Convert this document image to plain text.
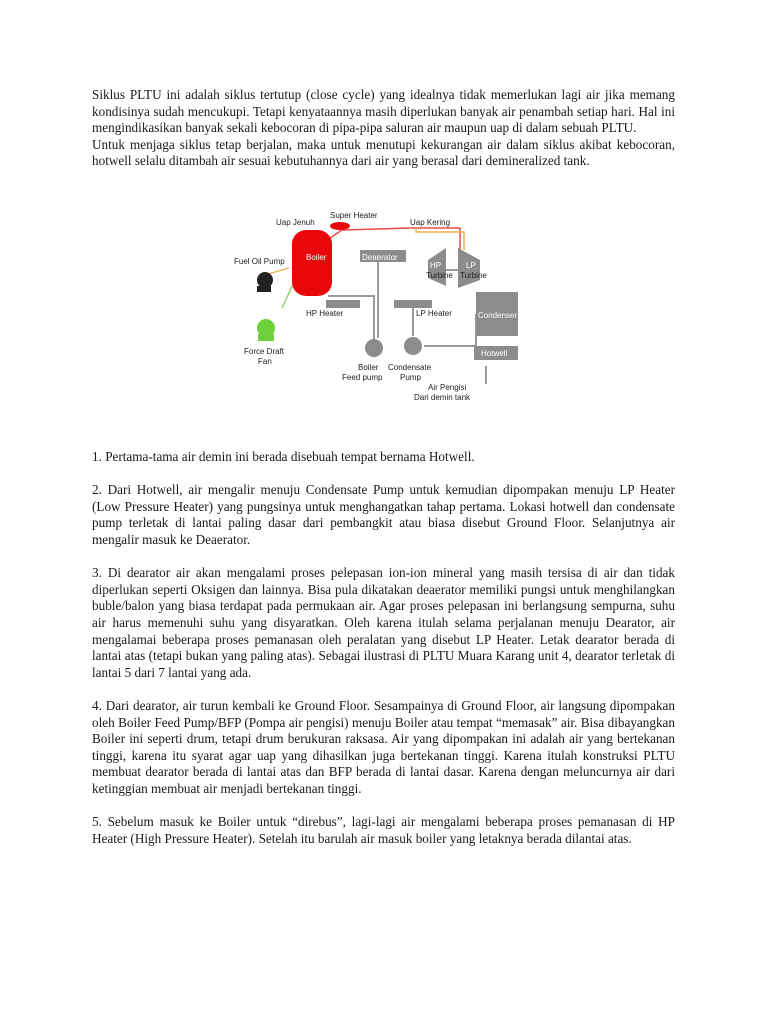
Siklus PLTU ini adalah siklus tertutup (close cycle) yang idealnya tidak memerlukan lagi air jika memang kondisinya sudah mencukupi. Tetapi kenyataannya masih diperlukan banyak air penambah setiap hari. Hal ini mengindikasikan banyak sekali kebocoran di pipa-pipa saluran air maupun uap di dalam sebuah PLTU.

Untuk menjaga siklus tetap berjalan, maka untuk menutupi kekurangan air dalam siklus akibat kebocoran, hotwell selalu ditambah air sesuai kebutuhannya dari air yang berasal dari demineralized tank.

Super Heater
Uap Jenuh	Uap Kering
Boiler
Fuel Oil Pump
Force Draft
Fan
Deaerator
HP Heater	LP Heater
HP
Turbine
LP
Turbine
Condenser
Hotwell
Boiler
Feed pump
Condensate
Pump
Air Pengisi
Dari demin tank

1. Pertama-tama air demin ini berada disebuah tempat bernama Hotwell.

2. Dari Hotwell, air mengalir menuju Condensate Pump untuk kemudian dipompakan menuju LP Heater (Low Pressure Heater) yang pungsinya untuk menghangatkan tahap pertama. Lokasi hotwell dan condensate pump terletak di lantai paling dasar dari pembangkit atau biasa disebut Ground Floor. Selanjutnya air mengalir masuk ke Deaerator.

3. Di dearator air akan mengalami proses pelepasan ion-ion mineral yang masih tersisa di air dan tidak diperlukan seperti Oksigen dan lainnya. Bisa pula dikatakan deaerator memiliki pungsi untuk menghilangkan buble/balon yang biasa terdapat pada permukaan air. Agar proses pelepasan ini berlangsung sempurna, suhu air harus memenuhi suhu yang disyaratkan. Oleh karena itulah selama perjalanan menuju Dearator, air mengalamai beberapa proses pemanasan oleh peralatan yang disebut LP Heater. Letak dearator berada di lantai atas (tetapi bukan yang paling atas). Sebagai ilustrasi di PLTU Muara Karang unit 4, dearator terletak di lantai 5 dari 7 lantai yang ada.

4. Dari dearator, air turun kembali ke Ground Floor. Sesampainya di Ground Floor, air langsung dipompakan oleh Boiler Feed Pump/BFP (Pompa air pengisi) menuju Boiler atau tempat “memasak” air. Bisa dibayangkan Boiler ini seperti drum, tetapi drum berukuran raksasa. Air yang dipompakan ini adalah air yang bertekanan tinggi, karena itu syarat agar uap yang dihasilkan juga bertekanan tinggi. Karena itulah konstruksi PLTU membuat dearator berada di lantai atas dan BFP berada di lantai dasar. Karena dengan meluncurnya air dari ketinggian membuat air menjadi bertekanan tinggi.

5. Sebelum masuk ke Boiler untuk “direbus”, lagi-lagi air mengalami beberapa proses pemanasan di HP Heater (High Pressure Heater). Setelah itu barulah air masuk boiler yang letaknya berada dilantai atas.
